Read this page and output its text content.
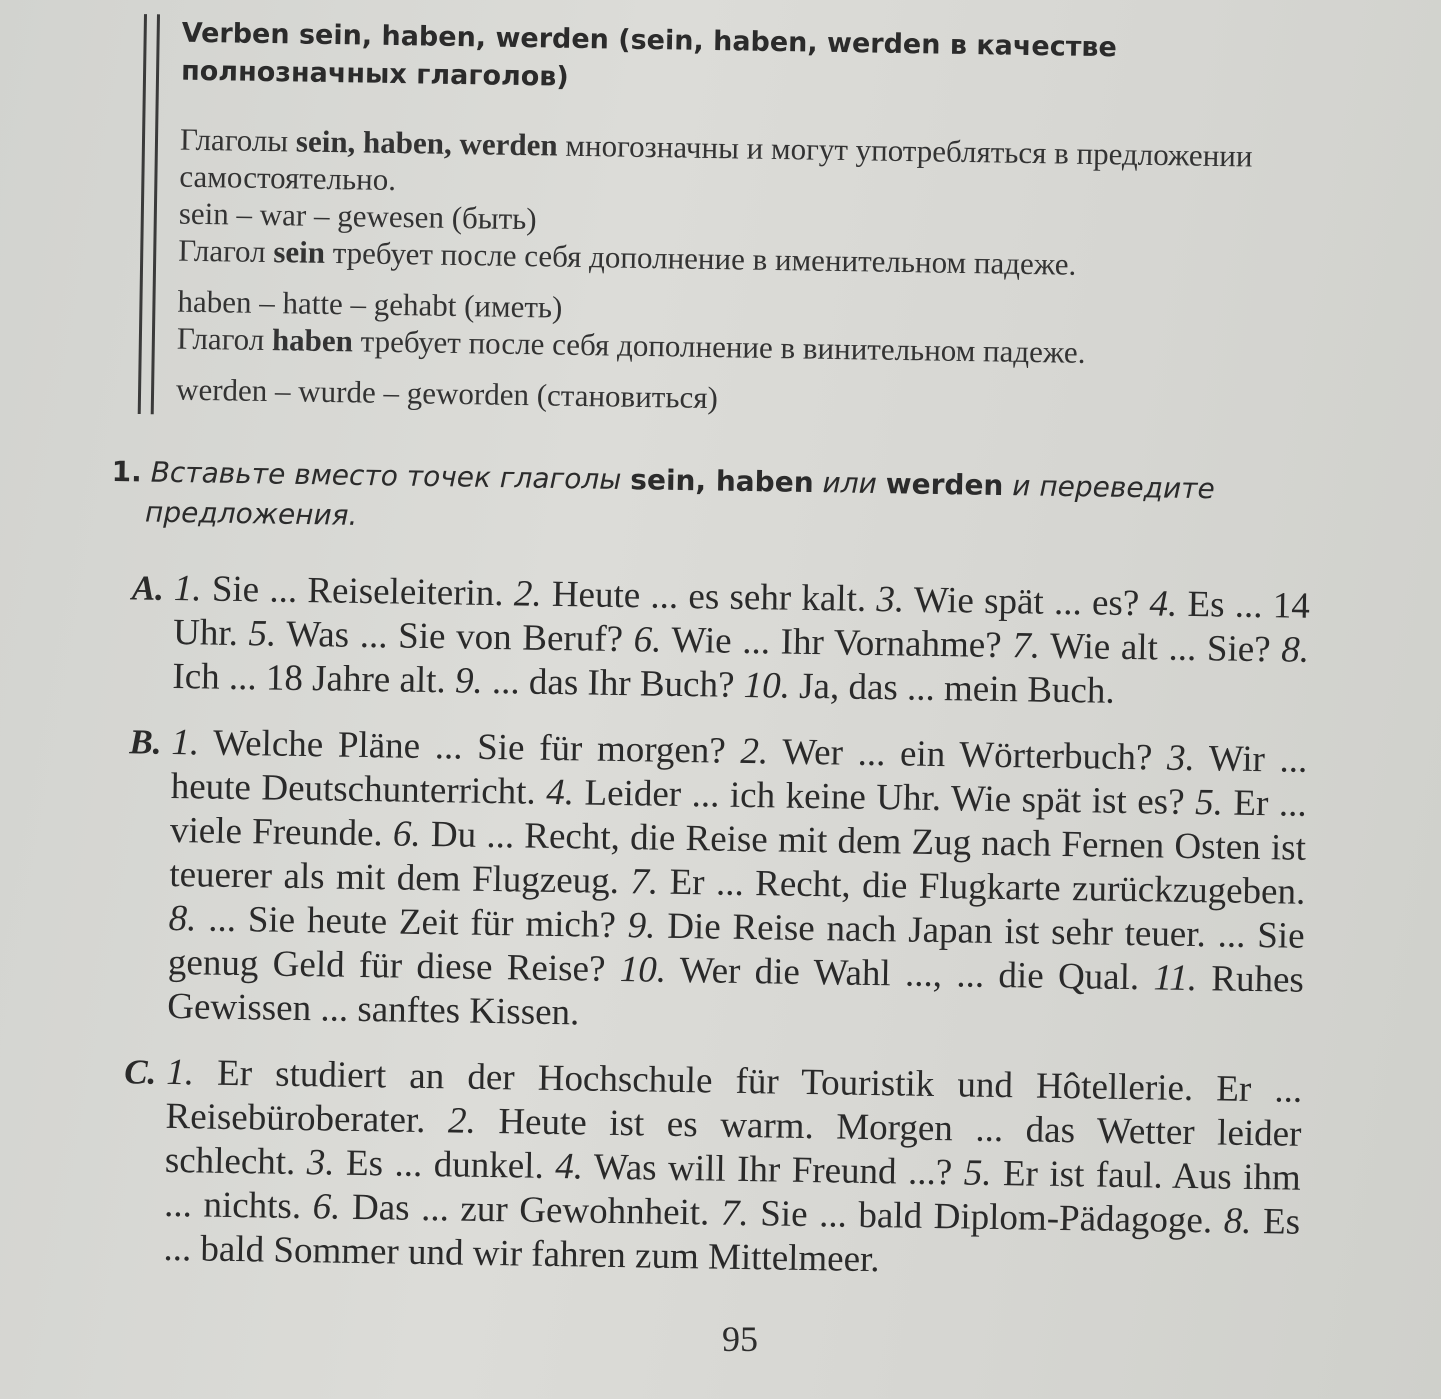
Verben sein, haben, werden (sein, haben, werden в качестве полнозначных глаголов)
Глаголы sein, haben, werden многозначны и могут употребляться в предложении самостоятельно.
sein – war – gewesen (быть)
Глагол sein требует после себя дополнение в именительном падеже.
haben – hatte – gehabt (иметь)
Глагол haben требует после себя дополнение в винительном падеже.
werden – wurde – geworden (становиться)

1. Вставьте вместо точек глаголы sein, haben или werden и переведите предложения.

A. 1. Sie ... Reiseleiterin. 2. Heute ... es sehr kalt. 3. Wie spät ... es? 4. Es ... 14 Uhr. 5. Was ... Sie von Beruf? 6. Wie ... Ihr Vornahme? 7. Wie alt ... Sie? 8. Ich ... 18 Jahre alt. 9. ... das Ihr Buch? 10. Ja, das ... mein Buch.

B. 1. Welche Pläne ... Sie für morgen? 2. Wer ... ein Wörterbuch? 3. Wir ... heute Deutschunterricht. 4. Leider ... ich keine Uhr. Wie spät ist es? 5. Er ... viele Freunde. 6. Du ... Recht, die Reise mit dem Zug nach Fernen Osten ist teuerer als mit dem Flugzeug. 7. Er ... Recht, die Flugkarte zurückzugeben. 8. ... Sie heute Zeit für mich? 9. Die Reise nach Japan ist sehr teuer. ... Sie genug Geld für diese Reise? 10. Wer die Wahl ..., ... die Qual. 11. Ruhes Gewissen ... sanftes Kissen.

C. 1. Er studiert an der Hochschule für Touristik und Hôtellerie. Er ... Reisebüroberater. 2. Heute ist es warm. Morgen ... das Wetter leider schlecht. 3. Es ... dunkel. 4. Was will Ihr Freund ...? 5. Er ist faul. Aus ihm ... nichts. 6. Das ... zur Gewohnheit. 7. Sie ... bald Diplom-Pädagoge. 8. Es ... bald Sommer und wir fahren zum Mittelmeer.

95
